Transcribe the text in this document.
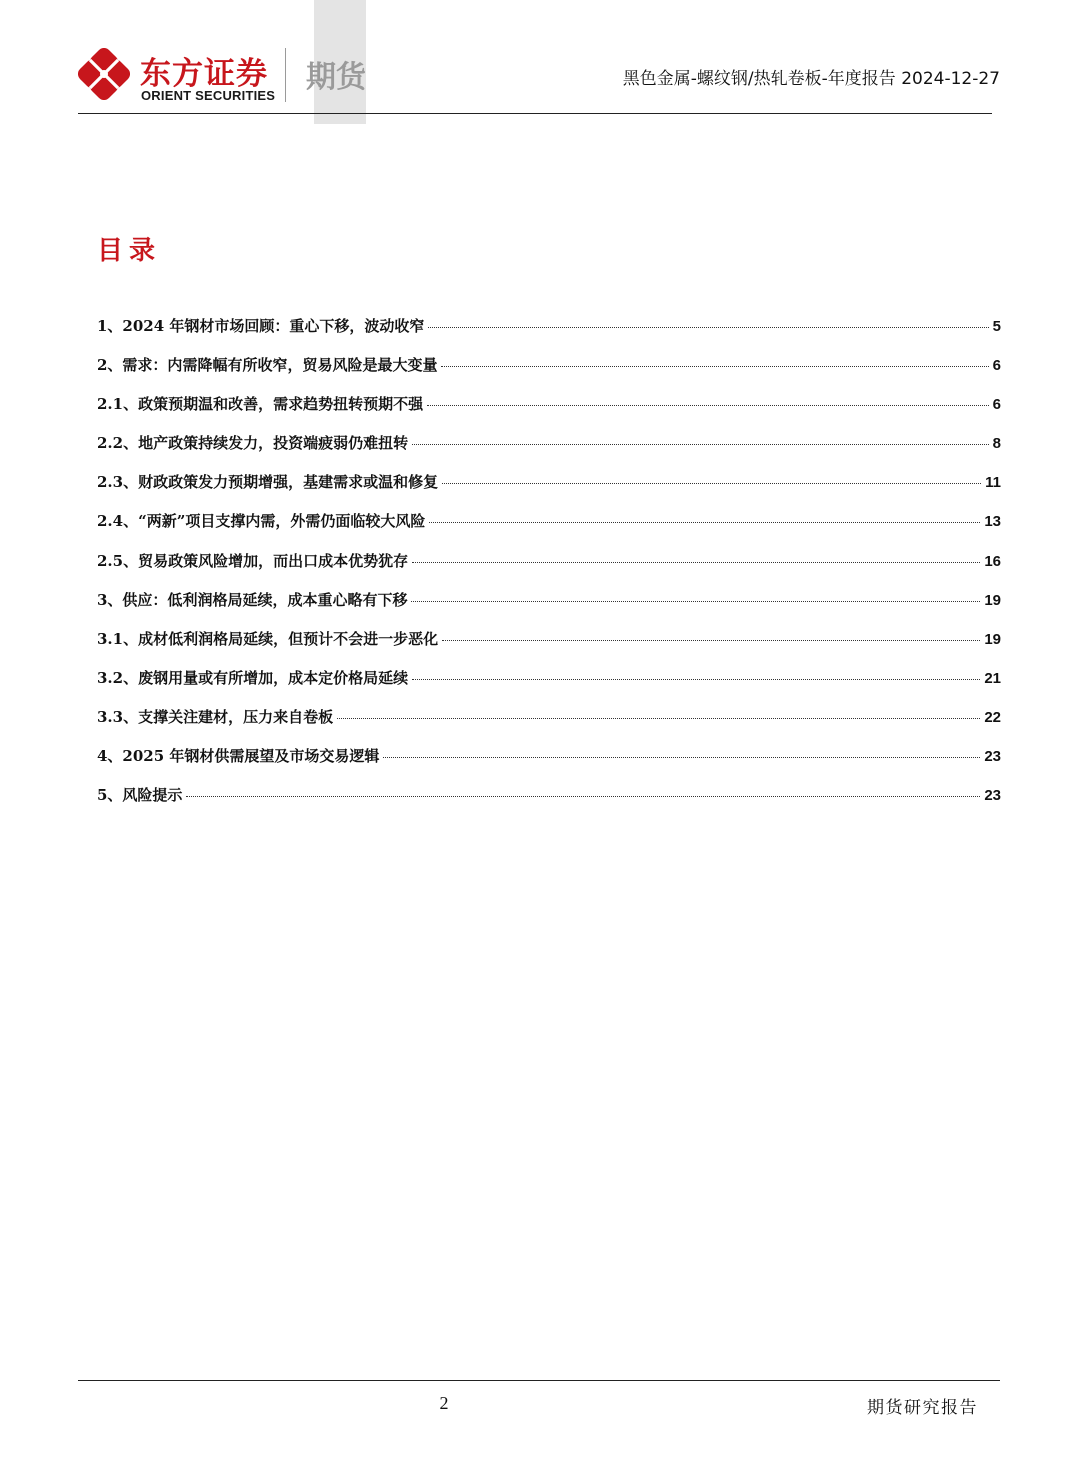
东方证券
ORIENT SECURITIES
期货	黑色金属-螺纹钢/热轧卷板-年度报告 2024-12-27
目录
1、2024 年钢材市场回顾：重心下移，波动收窄	5
2、需求：内需降幅有所收窄，贸易风险是最大变量	6
2.1、政策预期温和改善，需求趋势扭转预期不强	6
2.2、地产政策持续发力，投资端疲弱仍难扭转	8
2.3、财政政策发力预期增强，基建需求或温和修复	11
2.4、“两新”项目支撑内需，外需仍面临较大风险	13
2.5、贸易政策风险增加，而出口成本优势犹存	16
3、供应：低利润格局延续，成本重心略有下移	19
3.1、成材低利润格局延续，但预计不会进一步恶化	19
3.2、废钢用量或有所增加，成本定价格局延续	21
3.3、支撑关注建材，压力来自卷板	22
4、2025 年钢材供需展望及市场交易逻辑	23
5、风险提示	23
2	期货研究报告
